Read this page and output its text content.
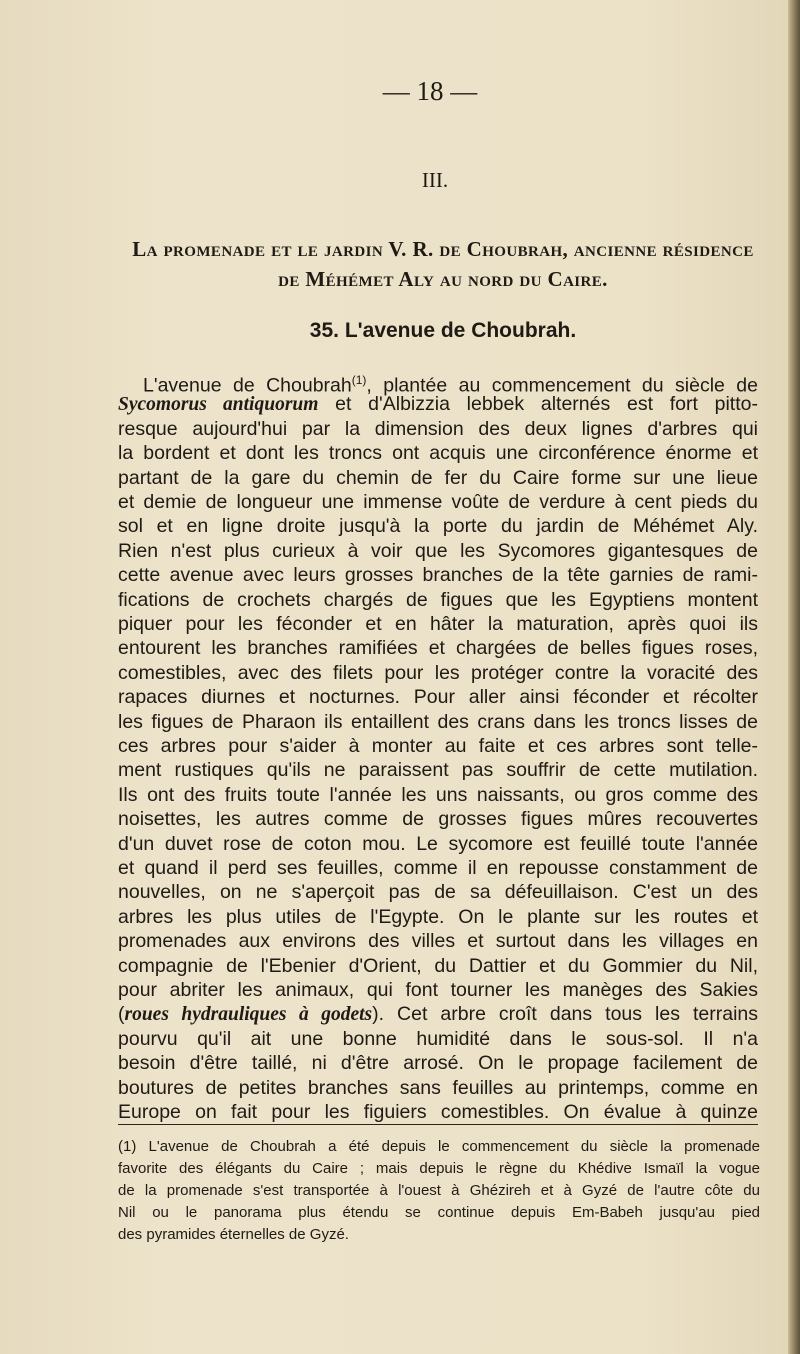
— 18 —
III.
La promenade et le jardin V. R. de Choubrah, ancienne résidence
de Méhémet Aly au nord du Caire.
35. L'avenue de Choubrah.
L'avenue de Choubrah$^{(1)}$, plantée au commencement du siècle de
Sycomorus antiquorum et d'Albizzia lebbek alternés est fort pitto-
resque aujourd'hui par la dimension des deux lignes d'arbres qui
la bordent et dont les troncs ont acquis une circonférence énorme et
partant de la gare du chemin de fer du Caire forme sur une lieue
et demie de longueur une immense voûte de verdure à cent pieds du
sol et en ligne droite jusqu'à la porte du jardin de Méhémet Aly.
Rien n'est plus curieux à voir que les Sycomores gigantesques de
cette avenue avec leurs grosses branches de la tête garnies de rami-
fications de crochets chargés de figues que les Egyptiens montent
piquer pour les féconder et en hâter la maturation, après quoi ils
entourent les branches ramifiées et chargées de belles figues roses,
comestibles, avec des filets pour les protéger contre la voracité des
rapaces diurnes et nocturnes. Pour aller ainsi féconder et récolter
les figues de Pharaon ils entaillent des crans dans les troncs lisses de
ces arbres pour s'aider à monter au faite et ces arbres sont telle-
ment rustiques qu'ils ne paraissent pas souffrir de cette mutilation.
Ils ont des fruits toute l'année les uns naissants, ou gros comme des
noisettes, les autres comme de grosses figues mûres recouvertes
d'un duvet rose de coton mou. Le sycomore est feuillé toute l'année
et quand il perd ses feuilles, comme il en repousse constamment de
nouvelles, on ne s'aperçoit pas de sa défeuillaison. C'est un des
arbres les plus utiles de l'Egypte. On le plante sur les routes et
promenades aux environs des villes et surtout dans les villages en
compagnie de l'Ebenier d'Orient, du Dattier et du Gommier du Nil,
pour abriter les animaux, qui font tourner les manèges des Sakies
(roues hydrauliques à godets). Cet arbre croît dans tous les terrains
pourvu qu'il ait une bonne humidité dans le sous-sol. Il n'a
besoin d'être taillé, ni d'être arrosé. On le propage facilement de
boutures de petites branches sans feuilles au printemps, comme en
Europe on fait pour les figuiers comestibles. On évalue à quinze
(1) L'avenue de Choubrah a été depuis le commencement du siècle la promenade
favorite des élégants du Caire ; mais depuis le règne du Khédive Ismaïl la vogue
de la promenade s'est transportée à l'ouest à Ghézireh et à Gyzé de l'autre côte du
Nil ou le panorama plus étendu se continue depuis Em-Babeh jusqu'au pied
des pyramides éternelles de Gyzé.
